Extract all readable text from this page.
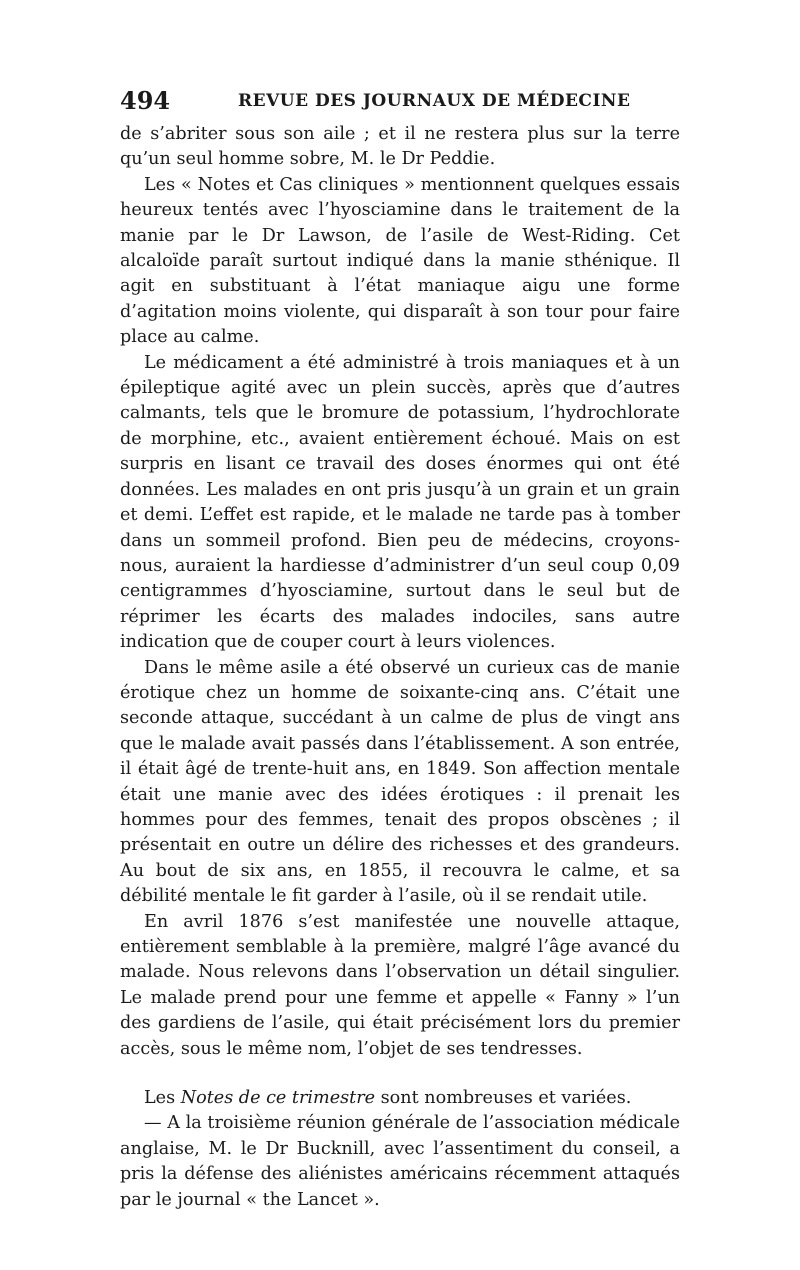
494	REVUE DES JOURNAUX DE MÉDECINE

de s’abriter sous son aile ; et il ne restera plus sur la terre qu’un seul homme sobre, M. le Dr Peddie.

Les « Notes et Cas cliniques » mentionnent quelques essais heureux tentés avec l’hyosciamine dans le traitement de la manie par le Dr Lawson, de l’asile de West-Riding. Cet alcaloïde paraît surtout indiqué dans la manie sthénique. Il agit en substituant à l’état maniaque aigu une forme d’agitation moins violente, qui disparaît à son tour pour faire place au calme.

Le médicament a été administré à trois maniaques et à un épileptique agité avec un plein succès, après que d’autres calmants, tels que le bromure de potassium, l’hydrochlorate de morphine, etc., avaient entièrement échoué. Mais on est surpris en lisant ce travail des doses énormes qui ont été données. Les malades en ont pris jusqu’à un grain et un grain et demi. L’effet est rapide, et le malade ne tarde pas à tomber dans un sommeil profond. Bien peu de médecins, croyons-nous, auraient la hardiesse d’administrer d’un seul coup 0,09 centigrammes d’hyosciamine, surtout dans le seul but de réprimer les écarts des malades indociles, sans autre indication que de couper court à leurs violences.

Dans le même asile a été observé un curieux cas de manie érotique chez un homme de soixante-cinq ans. C’était une seconde attaque, succédant à un calme de plus de vingt ans que le malade avait passés dans l’établissement. A son entrée, il était âgé de trente-huit ans, en 1849. Son affection mentale était une manie avec des idées érotiques : il prenait les hommes pour des femmes, tenait des propos obscènes ; il présentait en outre un délire des richesses et des grandeurs. Au bout de six ans, en 1855, il recouvra le calme, et sa débilité mentale le fit garder à l’asile, où il se rendait utile.

En avril 1876 s’est manifestée une nouvelle attaque, entièrement semblable à la première, malgré l’âge avancé du malade. Nous relevons dans l’observation un détail singulier. Le malade prend pour une femme et appelle « Fanny » l’un des gardiens de l’asile, qui était précisément lors du premier accès, sous le même nom, l’objet de ses tendresses.

Les Notes de ce trimestre sont nombreuses et variées.

— A la troisième réunion générale de l’association médicale anglaise, M. le Dr Bucknill, avec l’assentiment du conseil, a pris la défense des aliénistes américains récemment attaqués par le journal « the Lancet ».
